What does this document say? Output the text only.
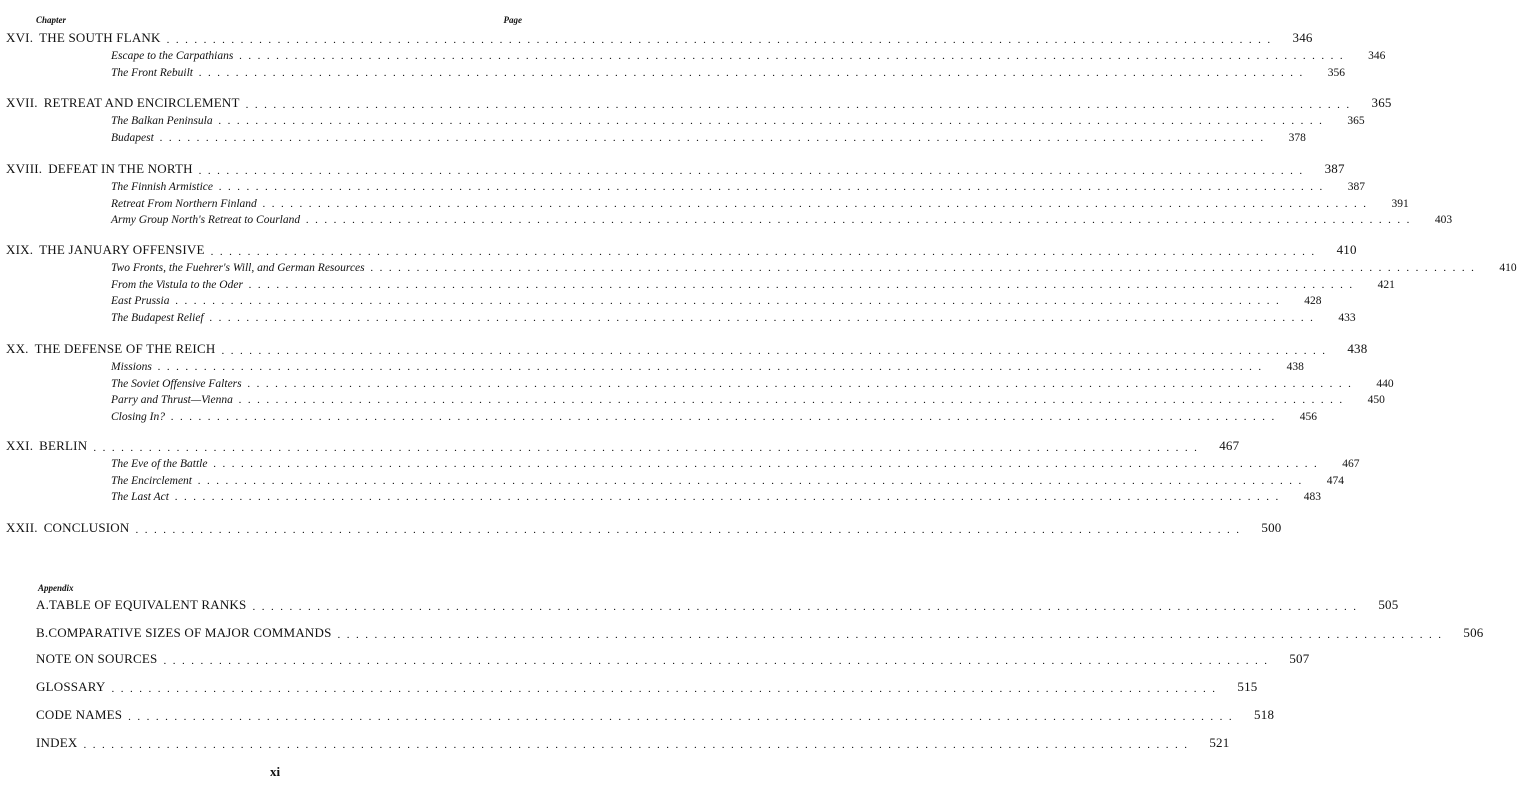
Chapter	Page
XVI. THE SOUTH FLANK ........................................................................................................................	346
Escape to the Carpathians ........................................................................................................................	346
The Front Rebuilt ........................................................................................................................	356
XVII. RETREAT AND ENCIRCLEMENT ........................................................................................................................	365
The Balkan Peninsula ........................................................................................................................	365
Budapest ........................................................................................................................	378
XVIII. DEFEAT IN THE NORTH ........................................................................................................................	387
The Finnish Armistice ........................................................................................................................	387
Retreat From Northern Finland ........................................................................................................................	391
Army Group North's Retreat to Courland ........................................................................................................................	403
XIX. THE JANUARY OFFENSIVE ........................................................................................................................	410
Two Fronts, the Fuehrer's Will, and German Resources ........................................................................................................................	410
From the Vistula to the Oder ........................................................................................................................	421
East Prussia ........................................................................................................................	428
The Budapest Relief ........................................................................................................................	433
XX. THE DEFENSE OF THE REICH ........................................................................................................................	438
Missions ........................................................................................................................	438
The Soviet Offensive Falters ........................................................................................................................	440
Parry and Thrust—Vienna ........................................................................................................................	450
Closing In? ........................................................................................................................	456
XXI. BERLIN ........................................................................................................................	467
The Eve of the Battle ........................................................................................................................	467
The Encirclement ........................................................................................................................	474
The Last Act ........................................................................................................................	483
XXII. CONCLUSION ........................................................................................................................	500
A. TABLE OF EQUIVALENT RANKS ........................................................................................................................	505
B. COMPARATIVE SIZES OF MAJOR COMMANDS ........................................................................................................................	506
NOTE ON SOURCES ........................................................................................................................	507
GLOSSARY ........................................................................................................................	515
CODE NAMES ........................................................................................................................	518
INDEX ........................................................................................................................	521
Appendix
xi
